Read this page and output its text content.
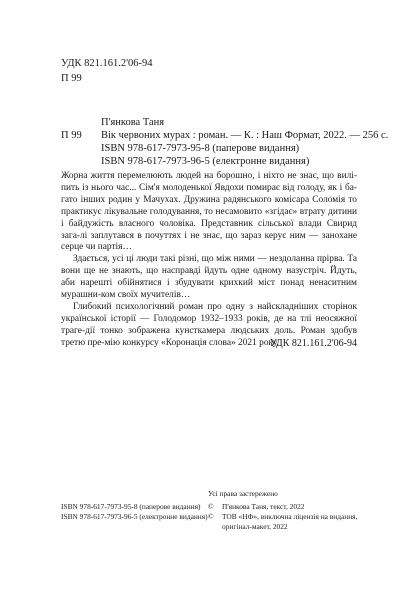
УДК 821.161.2'06-94
П 99
П'янкова Таня
П 99 Вік червоних мурах : роман. — К. : Наш Формат, 2022. — 256 с.
ISBN 978-617-7973-95-8 (паперове видання)
ISBN 978-617-7973-96-5 (електронне видання)

Жорна життя перемелюють людей на борошно, і ніхто не знає, що вилі-пить із нього час... Сім'я молоденької Явдохи помирає від голоду, як і ба-гато інших родин у Мачухах. Дружина радянського комісара Соломія то практикує лікувальне голодування, то несамовито «згідає» втрату дитини і байдужість власного чоловіка. Представник сільської влади Свирид зага-лі заплутався в почуттях і не знає, що зараз керує ним — занохане серце чи партія…

Здається, усі ці люди такі різні, що між ними — нездоланна прірва. Та вони ще не знають, що насправді йдуть одне одному назустріч. Йдуть, аби нарешті обійнятися і збудувати крихкий міст понад ненаситним мурашни-ком своїх мучителів…

Глибокий психологічний роман про одну з найскладніших сторінок української історії — Голодомор 1932–1933 років, де на тлі неосяжної траге-дії тонко зображена кунсткамера людських доль. Роман здобув третю пре-мію конкурсу «Коронація слова» 2021 року.

УДК 821.161.2'06-94
Усі права застережено
© П'янкова Таня, текст, 2022
© ТОВ «НФ», виключна ліцензія на видання,
оригінал-макет, 2022
ISBN 978-617-7973-95-8 (паперове видання)
ISBN 978-617-7973-96-5 (електронне видання)
